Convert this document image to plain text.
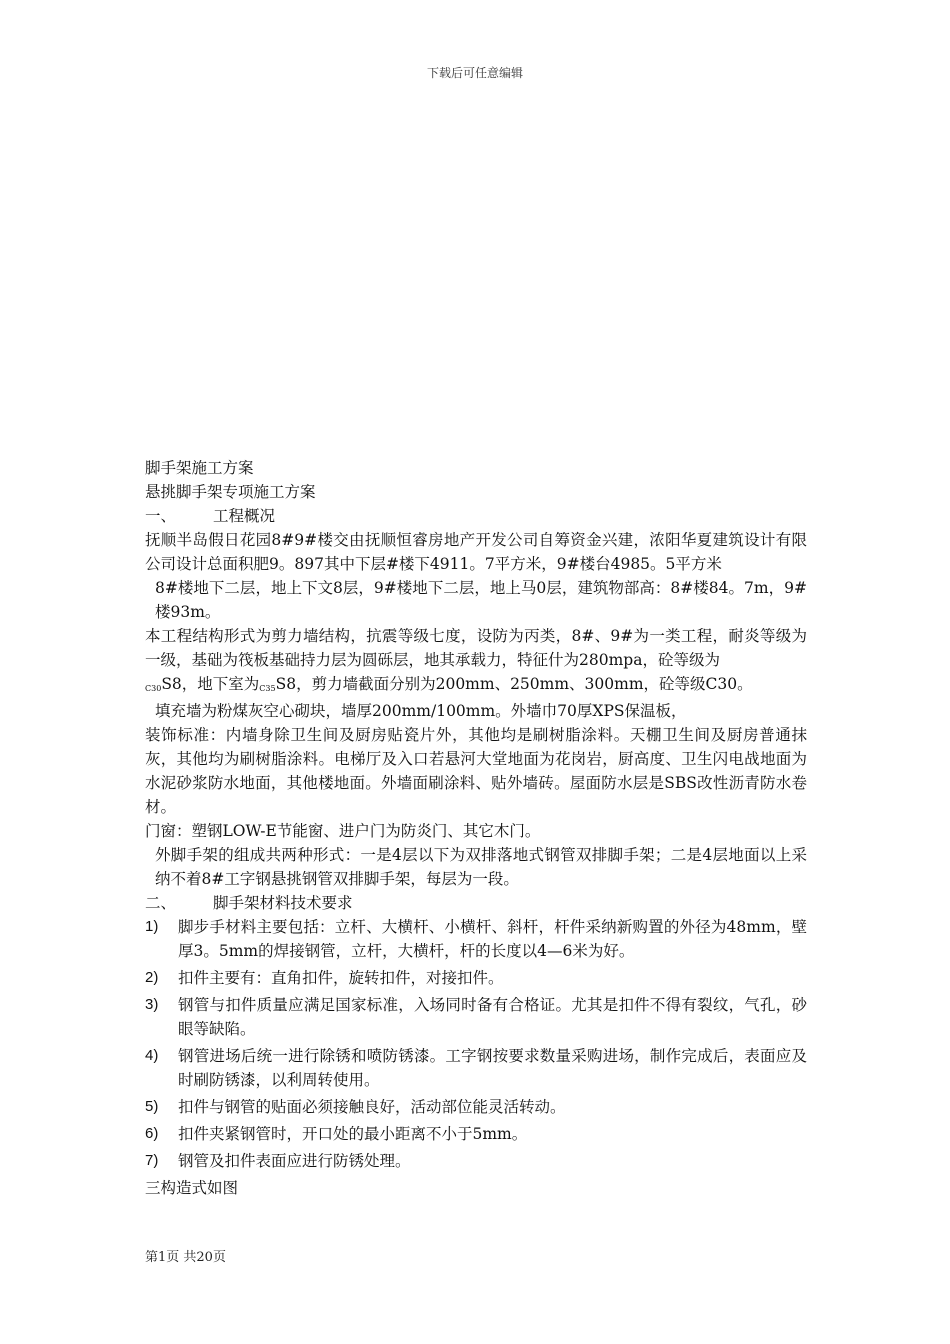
下载后可任意编辑
脚手架施工方案
悬挑脚手架专项施工方案
一、 工程概况
抚顺半岛假日花园8#9#楼交由抚顺恒睿房地产开发公司自筹资金兴建，浓阳华夏建筑设计有限公司设计总面积肥9。897其中下层#楼下4911。7平方米，9#楼台4985。5平方米
8#楼地下二层，地上下文8层，9#楼地下二层，地上马0层，建筑物部高：8#楼84。7m，9#楼93m。
本工程结构形式为剪力墙结构，抗震等级七度，设防为丙类，8#、9#为一类工程，耐炎等级为一级，基础为筏板基础持力层为圆砾层，地其承载力，特征什为280mpa，砼等级为
$_{C30}$S8，地下室为$_{C35}$S8，剪力墙截面分别为200mm、250mm、300mm，砼等级C30。
填充墙为粉煤灰空心砌块，墙厚200mm/100mm。外墙巾70厚XPS保温板，
装饰标准：内墙身除卫生间及厨房贴瓷片外，其他均是刷树脂涂料。天棚卫生间及厨房普通抹灰，其他均为刷树脂涂料。电梯厅及入口若悬河大堂地面为花岗岩，厨高度、卫生闪电战地面为水泥砂浆防水地面，其他楼地面。外墙面刷涂料、贴外墙砖。屋面防水层是SBS改性沥青防水卷材。
门窗：塑钢LOW-E节能窗、进户门为防炎门、其它木门。
外脚手架的组成共两种形式：一是4层以下为双排落地式钢管双排脚手架；二是4层地面以上采纳不着8#工字钢悬挑钢管双排脚手架，每层为一段。
二、 脚手架材料技术要求
1) 脚步手材料主要包括：立杆、大横杆、小横杆、斜杆，杆件采纳新购置的外径为48mm，壁厚3。5mm的焊接钢管，立杆，大横杆，杆的长度以4—6米为好。
2) 扣件主要有：直角扣件，旋转扣件，对接扣件。
3) 钢管与扣件质量应满足国家标准，入场同时备有合格证。尤其是扣件不得有裂纹，气孔，砂眼等缺陷。
4) 钢管进场后统一进行除锈和喷防锈漆。工字钢按要求数量采购进场，制作完成后，表面应及时刷防锈漆，以利周转使用。
5) 扣件与钢管的贴面必须接触良好，活动部位能灵活转动。
6) 扣件夹紧钢管时，开口处的最小距离不小于5mm。
7) 钢管及扣件表面应进行防锈处理。
三构造式如图
第1页 共20页
